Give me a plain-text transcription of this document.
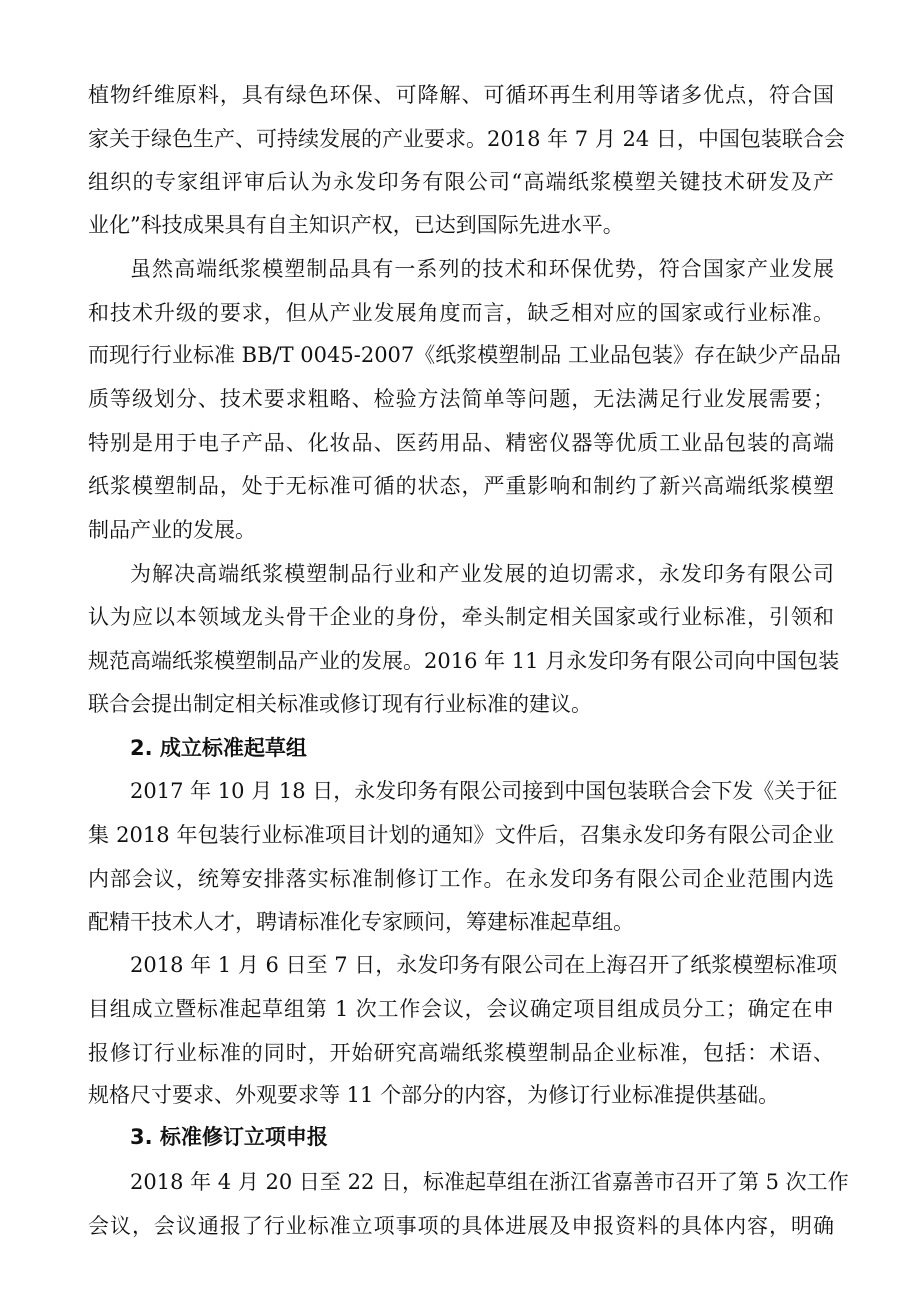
植物纤维原料，具有绿色环保、可降解、可循环再生利用等诸多优点，符合国
家关于绿色生产、可持续发展的产业要求。2018 年 7 月 24 日，中国包装联合会
组织的专家组评审后认为永发印务有限公司“高端纸浆模塑关键技术研发及产
业化”科技成果具有自主知识产权，已达到国际先进水平。
虽然高端纸浆模塑制品具有一系列的技术和环保优势，符合国家产业发展
和技术升级的要求，但从产业发展角度而言，缺乏相对应的国家或行业标准。
而现行行业标准 BB/T 0045-2007《纸浆模塑制品 工业品包装》存在缺少产品品
质等级划分、技术要求粗略、检验方法简单等问题，无法满足行业发展需要；
特别是用于电子产品、化妆品、医药用品、精密仪器等优质工业品包装的高端
纸浆模塑制品，处于无标准可循的状态，严重影响和制约了新兴高端纸浆模塑
制品产业的发展。
为解决高端纸浆模塑制品行业和产业发展的迫切需求，永发印务有限公司
认为应以本领域龙头骨干企业的身份，牵头制定相关国家或行业标准，引领和
规范高端纸浆模塑制品产业的发展。2016 年 11 月永发印务有限公司向中国包装
联合会提出制定相关标准或修订现有行业标准的建议。
2. 成立标准起草组
2017 年 10 月 18 日，永发印务有限公司接到中国包装联合会下发《关于征
集 2018 年包装行业标准项目计划的通知》文件后，召集永发印务有限公司企业
内部会议，统筹安排落实标准制修订工作。在永发印务有限公司企业范围内选
配精干技术人才，聘请标准化专家顾问，筹建标准起草组。
2018 年 1 月 6 日至 7 日，永发印务有限公司在上海召开了纸浆模塑标准项
目组成立暨标准起草组第 1 次工作会议，会议确定项目组成员分工；确定在申
报修订行业标准的同时，开始研究高端纸浆模塑制品企业标准，包括：术语、
规格尺寸要求、外观要求等 11 个部分的内容，为修订行业标准提供基础。
3. 标准修订立项申报
2018 年 4 月 20 日至 22 日，标准起草组在浙江省嘉善市召开了第 5 次工作
会议，会议通报了行业标准立项事项的具体进展及申报资料的具体内容，明确
